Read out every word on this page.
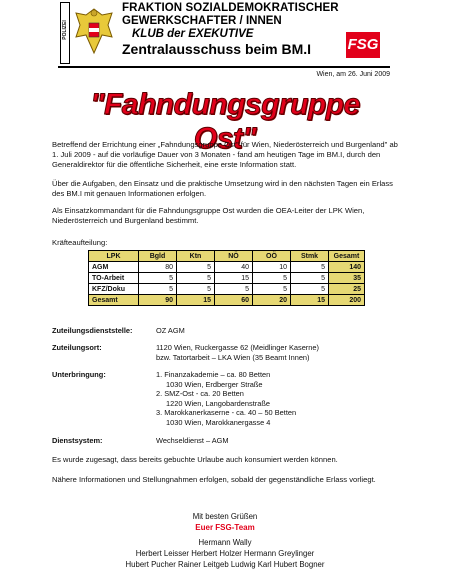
POLIZEI
FRAKTION SOZIALDEMOKRATISCHER
GEWERKSCHAFTER / INNEN
KLUB der EXEKUTIVE
Zentralausschuss beim BM.I	FSG
Wien, am 26. Juni 2009
"Fahndungsgruppe Ost"
Betreffend der Errichtung einer „Fahndungsgruppe Ost" für Wien, Niederösterreich und Burgenland" ab 1. Juli 2009 - auf die vorläufige Dauer von 3 Monaten - fand am heutigen Tage im BM.I, durch den Generaldirektor für die öffentliche Sicherheit, eine erste Information statt.
Über die Aufgaben, den Einsatz und die praktische Umsetzung wird in den nächsten Tagen ein Erlass des BM.I mit genauen Informationen erfolgen.
Als Einsatzkommandant für die Fahndungsgruppe Ost wurden die OEA-Leiter der LPK Wien, Niederösterreich und Burgenland bestimmt.
Kräfteaufteilung:
LPK	Bgld	Ktn	NÖ	OÖ	Stmk	Gesamt
AGM	80	5	40	10	5	140
TO-Arbeit	5	5	15	5	5	35
KFZ/Doku	5	5	5	5	5	25
Gesamt	90	15	60	20	15	200
Zuteilungsdienststelle:	OZ AGM
Zuteilungsort:	1120 Wien, Ruckergasse 62 (Meidlinger Kaserne)
bzw. Tatortarbeit – LKA Wien (35 Beamt Innen)
Unterbringung:	1. Finanzakademie – ca. 80 Betten
1030 Wien, Erdberger Straße
2. SMZ-Ost - ca. 20 Betten
1220 Wien, Langobardenstraße
3. Marokkanerkaserne - ca. 40 – 50 Betten
1030 Wien, Marokkanergasse 4
Dienstsystem:	Wechseldienst – AGM
Es wurde zugesagt, dass bereits gebuchte Urlaube auch konsumiert werden können.
Nähere Informationen und Stellungnahmen erfolgen, sobald der gegenständliche Erlass vorliegt.
Mit besten Grüßen
Euer FSG-Team
Hermann Wally
Herbert Leisser Herbert Holzer Hermann Greylinger
Hubert Pucher Rainer Leitgeb Ludwig Karl Hubert Bogner
